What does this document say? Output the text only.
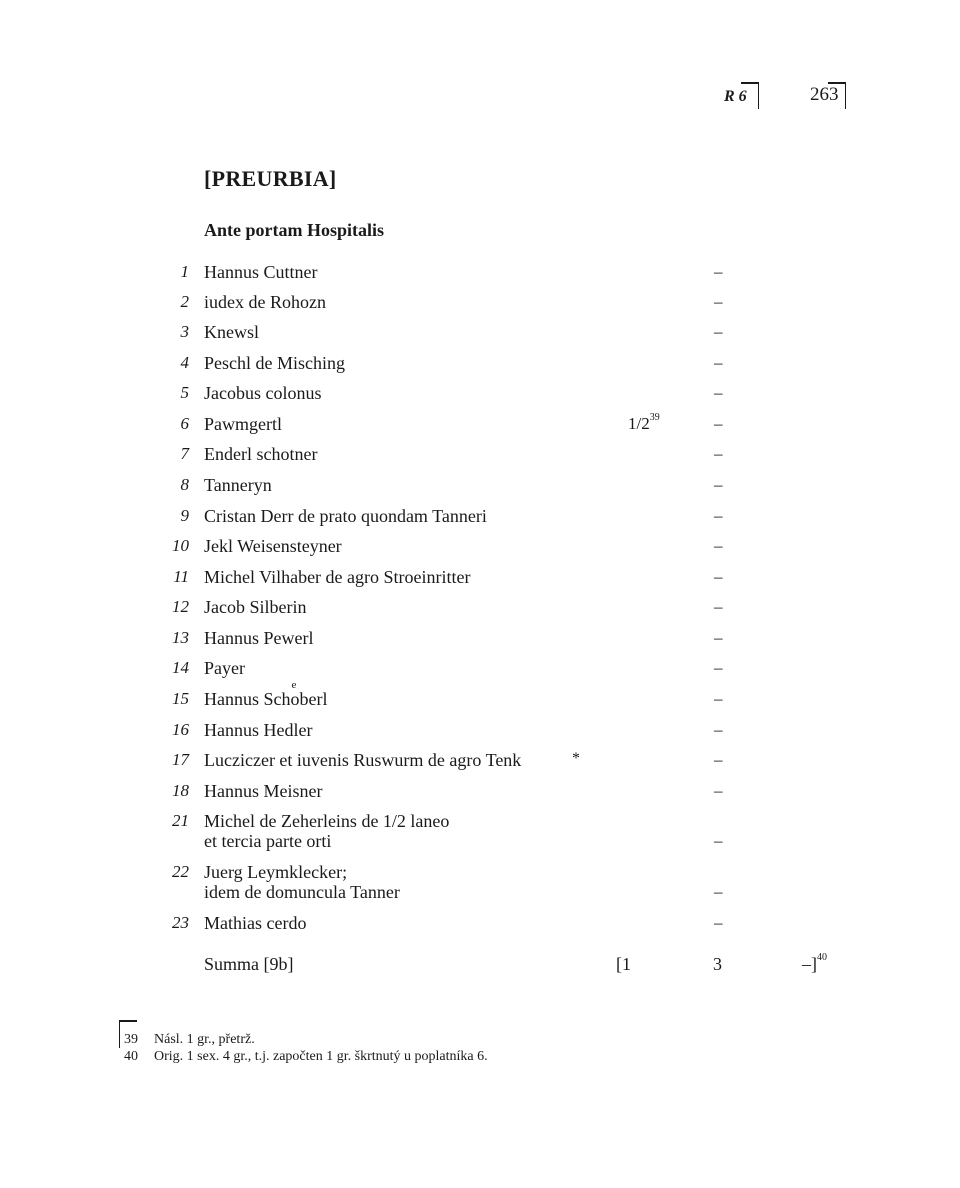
R 6	263
[PREURBIA]
Ante portam Hospitalis
1 Hannus Cuttner	–
2 iudex de Rohozn	–
3 Knewsl	–
4 Peschl de Misching	–
5 Jacobus colonus	–
6 Pawmgertl	$1/2^{39}$	–
7 Enderl schotner	–
8 Tanneryn	–
9 Cristan Derr de prato quondam Tanneri	–
10 Jekl Weisensteyner	–
11 Michel Vilhaber de agro Stroeinritter	–
12 Jacob Silberin	–
13 Hannus Pewerl	–
14 Payer	–
15 Hannus Sch
e
oberl	–
16 Hannus Hedler	–
17 Lucziczer et iuvenis Ruswurm de agro Tenk	*	–
18 Hannus Meisner	–
21 Michel de Zeherleins de 1/2 laneo
et tercia parte orti	–
22 Juerg Leymklecker;
idem de domuncula Tanner	–
23 Mathias cerdo	–
Summa [9b]	[1	3	–]$^{40}$
39 Násl. 1 gr., přetrž.
40 Orig. 1 sex. 4 gr., t.j. započten 1 gr. škrtnutý u poplatníka 6.
